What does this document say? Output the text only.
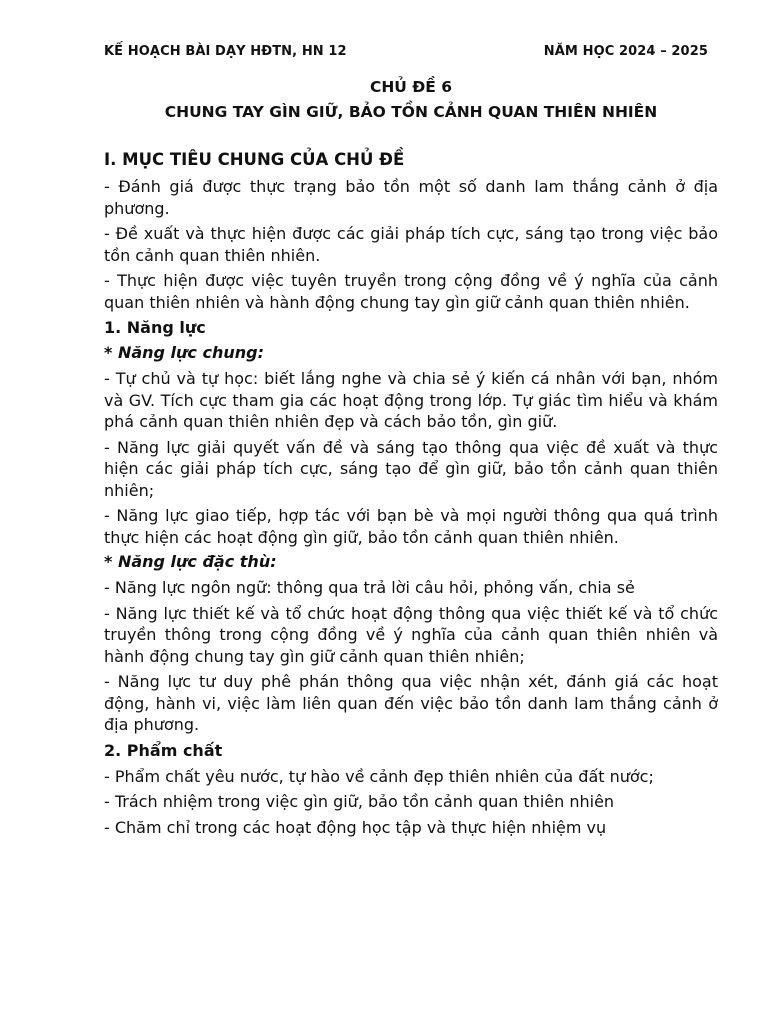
KẾ HOẠCH BÀI DẠY HĐTN, HN 12	NĂM HỌC 2024 – 2025
CHỦ ĐỀ 6
CHUNG TAY GÌN GIỮ, BẢO TỒN CẢNH QUAN THIÊN NHIÊN
I. MỤC TIÊU CHUNG CỦA CHỦ ĐỀ
- Đánh giá được thực trạng bảo tồn một số danh lam thắng cảnh ở địa phương.
- Đề xuất và thực hiện được các giải pháp tích cực, sáng tạo trong việc bảo tồn cảnh quan thiên nhiên.
- Thực hiện được việc tuyên truyền trong cộng đồng về ý nghĩa của cảnh quan thiên nhiên và hành động chung tay gìn giữ cảnh quan thiên nhiên.
1. Năng lực
* Năng lực chung:
- Tự chủ và tự học: biết lắng nghe và chia sẻ ý kiến cá nhân với bạn, nhóm và GV. Tích cực tham gia các hoạt động trong lớp. Tự giác tìm hiểu và khám phá cảnh quan thiên nhiên đẹp và cách bảo tồn, gìn giữ.
- Năng lực giải quyết vấn đề và sáng tạo thông qua việc đề xuất và thực hiện các giải pháp tích cực, sáng tạo để gìn giữ, bảo tồn cảnh quan thiên nhiên;
- Năng lực giao tiếp, hợp tác với bạn bè và mọi người thông qua quá trình thực hiện các hoạt động gìn giữ, bảo tồn cảnh quan thiên nhiên.
* Năng lực đặc thù:
- Năng lực ngôn ngữ: thông qua trả lời câu hỏi, phỏng vấn, chia sẻ
- Năng lực thiết kế và tổ chức hoạt động thông qua việc thiết kế và tổ chức truyền thông trong cộng đồng về ý nghĩa của cảnh quan thiên nhiên và hành động chung tay gìn giữ cảnh quan thiên nhiên;
- Năng lực tư duy phê phán thông qua việc nhận xét, đánh giá các hoạt động, hành vi, việc làm liên quan đến việc bảo tồn danh lam thắng cảnh ở địa phương.
2. Phẩm chất
- Phẩm chất yêu nước, tự hào về cảnh đẹp thiên nhiên của đất nước;
- Trách nhiệm trong việc gìn giữ, bảo tồn cảnh quan thiên nhiên
- Chăm chỉ trong các hoạt động học tập và thực hiện nhiệm vụ
